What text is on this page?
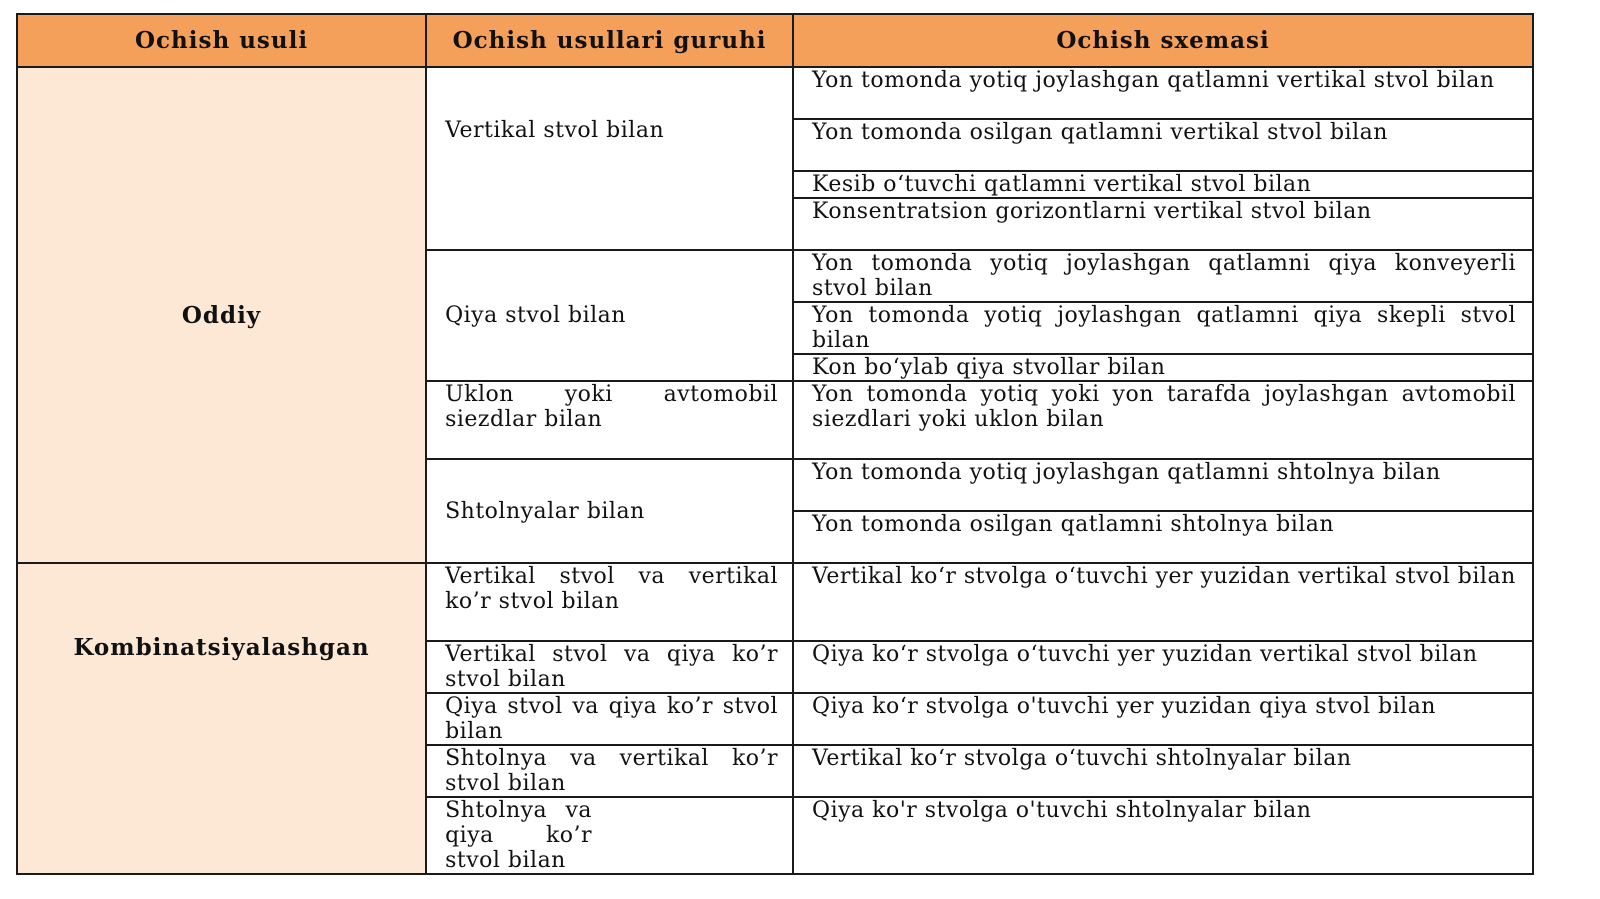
Ochish usuli	Ochish usullari guruhi	Ochish sxemasi
Oddiy	Vertikal stvol bilan	Yon tomonda yotiq joylashgan qatlamni vertikal stvol bilan
		Yon tomonda osilgan qatlamni vertikal stvol bilan
		Kesib o‘tuvchi qatlamni vertikal stvol bilan
		Konsentratsion gorizontlarni vertikal stvol bilan
	Qiya stvol bilan	Yon tomonda yotiq joylashgan qatlamni qiya konveyerli stvol bilan
		Yon tomonda yotiq joylashgan qatlamni qiya skepli stvol bilan
		Kon bo‘ylab qiya stvollar bilan
	Uklon yoki avtomobil siezdlar bilan	Yon tomonda yotiq yoki yon tarafda joylashgan avtomobil siezdlari yoki uklon bilan
	Shtolnyalar bilan	Yon tomonda yotiq joylashgan qatlamni shtolnya bilan
		Yon tomonda osilgan qatlamni shtolnya bilan
Kombinatsiyalashgan	Vertikal stvol va vertikal ko’r stvol bilan	Vertikal ko‘r stvolga o‘tuvchi yer yuzidan vertikal stvol bilan
	Vertikal stvol va qiya ko’r stvol bilan	Qiya ko‘r stvolga o‘tuvchi yer yuzidan vertikal stvol bilan
	Qiya stvol va qiya ko’r stvol bilan	Qiya ko‘r stvolga o'tuvchi yer yuzidan qiya stvol bilan
	Shtolnya va vertikal ko’r stvol bilan	Vertikal ko‘r stvolga o‘tuvchi shtolnyalar bilan
	Shtolnya va qiya ko’r stvol bilan	Qiya ko'r stvolga o'tuvchi shtolnyalar bilan
